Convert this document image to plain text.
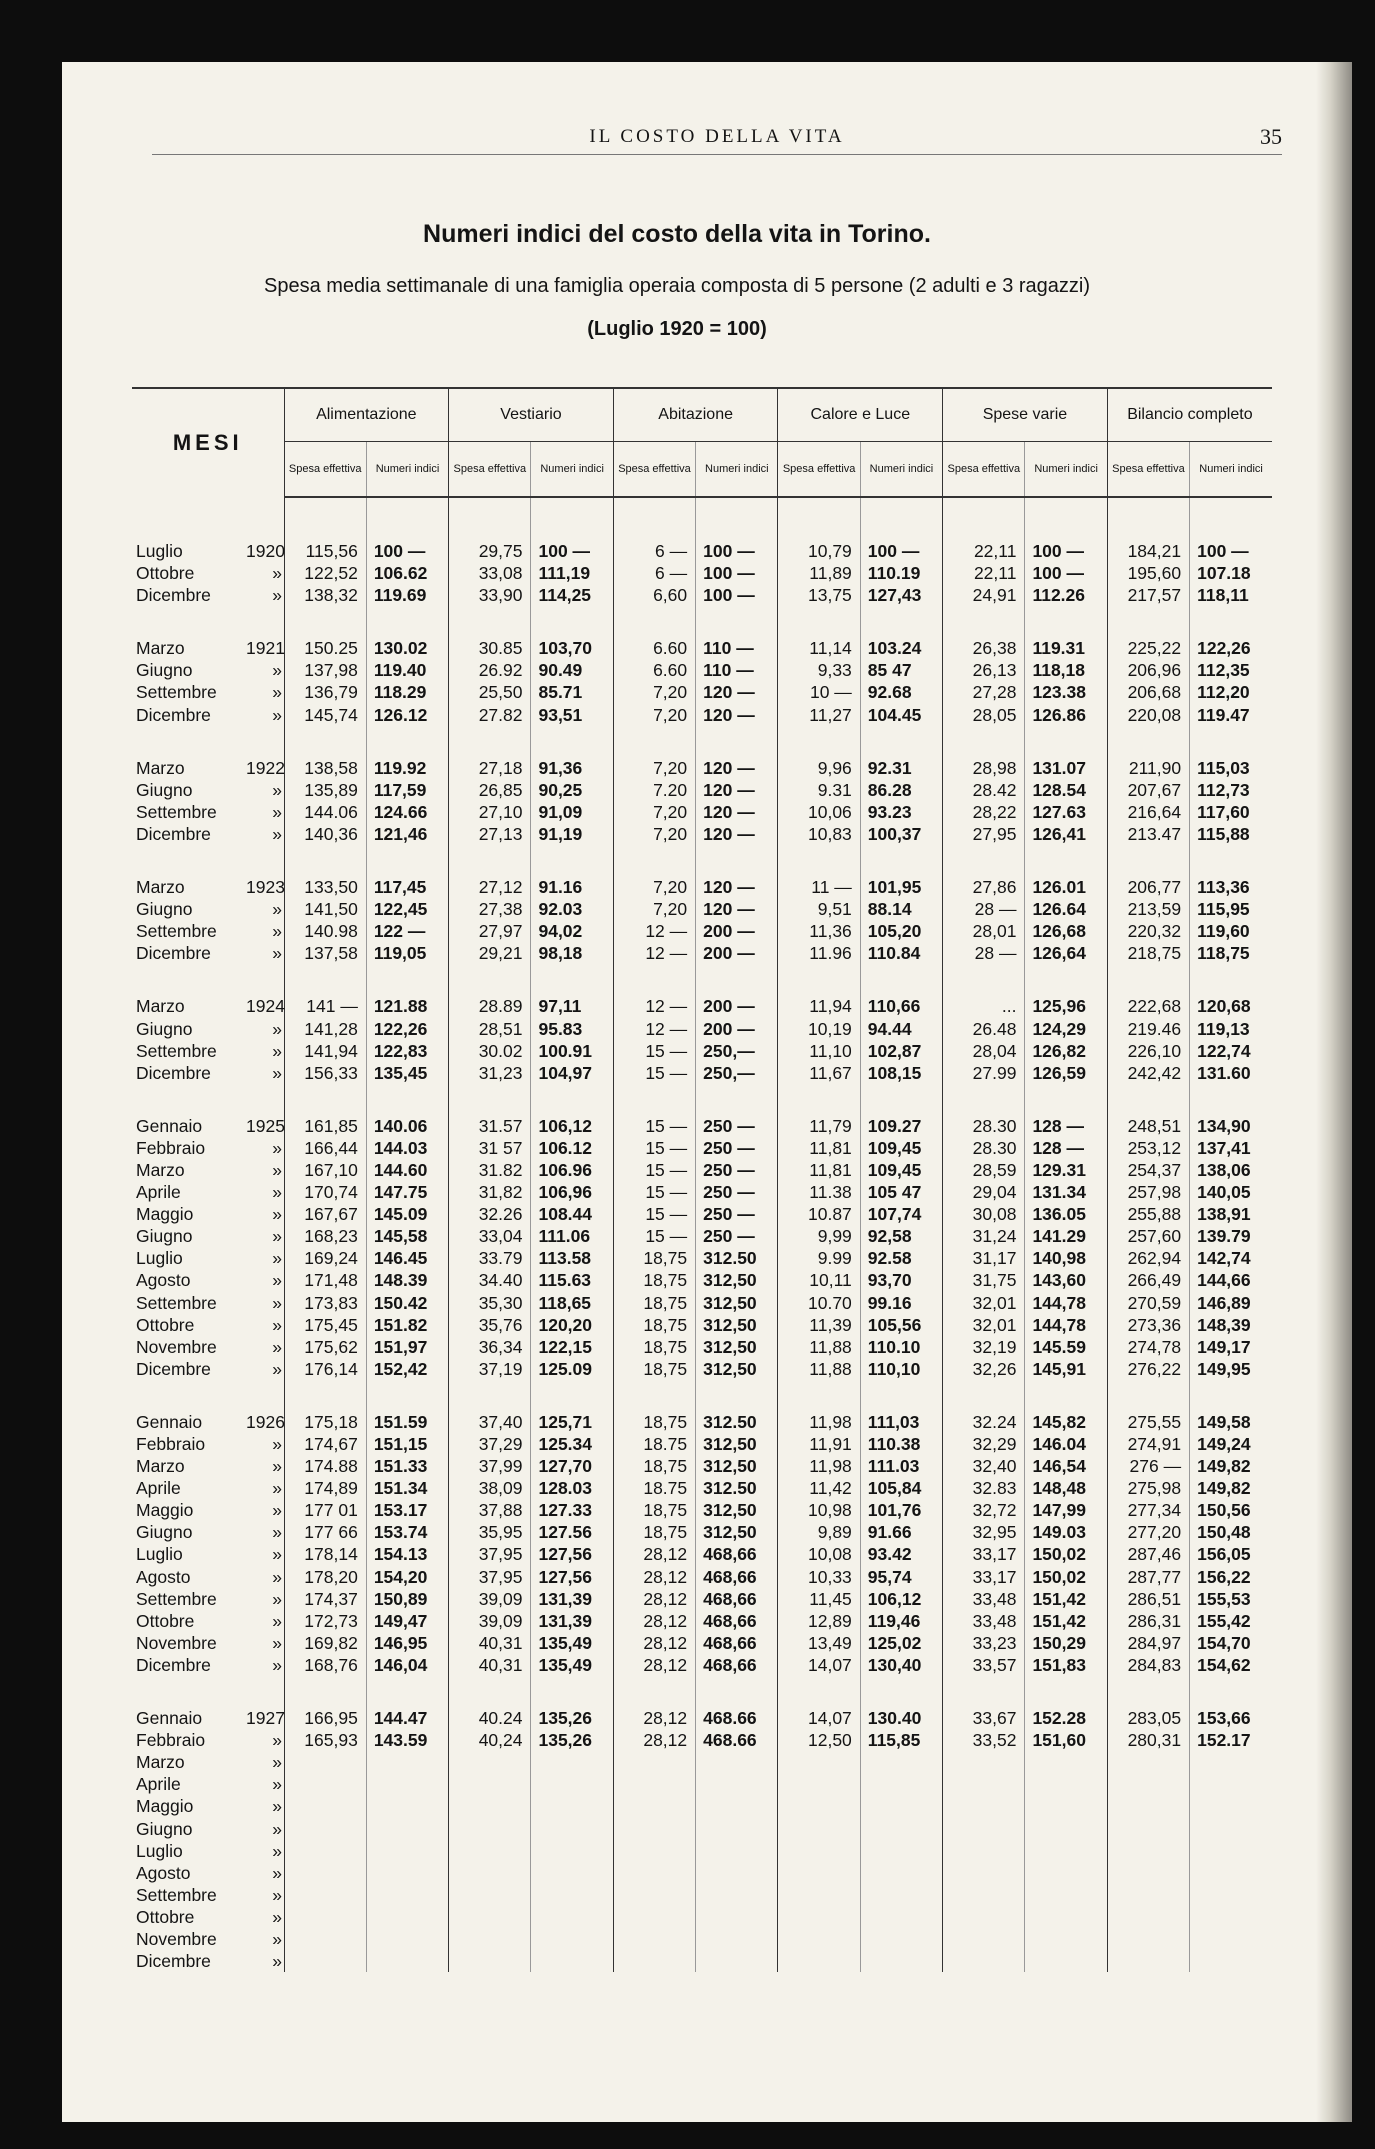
IL COSTO DELLA VITA	35
Numeri indici del costo della vita in Torino.
Spesa media settimanale di una famiglia operaia composta di 5 persone (2 adulti e 3 ragazzi)
(Luglio 1920 = 100)
MESI	Alimentazione		Vestiario		Abitazione		Calore e Luce		Spese varie		Bilancio completo	
	Spesa effettiva	Numeri indici	Spesa effettiva	Numeri indici	Spesa effettiva	Numeri indici	Spesa effettiva	Numeri indici	Spesa effettiva	Numeri indici	Spesa effettiva	Numeri indici

Luglio 1920	115,56	100 —	29,75	100 —	6 —	100 —	10,79	100 —	22,11	100 —	184,21	100 —
Ottobre »	122,52	106.62	33,08	111,19	6 —	100 —	11,89	110.19	22,11	100 —	195,60	107.18
Dicembre »	138,32	119.69	33,90	114,25	6,60	100 —	13,75	127,43	24,91	112.26	217,57	118,11

Marzo 1921	150.25	130.02	30.85	103,70	6.60	110 —	11,14	103.24	26,38	119.31	225,22	122,26
Giugno »	137,98	119.40	26.92	90.49	6.60	110 —	9,33	85 47	26,13	118,18	206,96	112,35
Settembre »	136,79	118.29	25,50	85.71	7,20	120 —	10 —	92.68	27,28	123.38	206,68	112,20
Dicembre »	145,74	126.12	27.82	93,51	7,20	120 —	11,27	104.45	28,05	126.86	220,08	119.47

Marzo 1922	138,58	119.92	27,18	91,36	7,20	120 —	9,96	92.31	28,98	131.07	211,90	115,03
Giugno »	135,89	117,59	26,85	90,25	7.20	120 —	9.31	86.28	28.42	128.54	207,67	112,73
Settembre »	144.06	124.66	27,10	91,09	7,20	120 —	10,06	93.23	28,22	127.63	216,64	117,60
Dicembre »	140,36	121,46	27,13	91,19	7,20	120 —	10,83	100,37	27,95	126,41	213.47	115,88

Marzo 1923	133,50	117,45	27,12	91.16	7,20	120 —	11 —	101,95	27,86	126.01	206,77	113,36
Giugno »	141,50	122,45	27,38	92.03	7,20	120 —	9,51	88.14	28 —	126.64	213,59	115,95
Settembre »	140.98	122 —	27,97	94,02	12 —	200 —	11,36	105,20	28,01	126,68	220,32	119,60
Dicembre »	137,58	119,05	29,21	98,18	12 —	200 —	11.96	110.84	28 —	126,64	218,75	118,75

Marzo 1924	141 —	121.88	28.89	97,11	12 —	200 —	11,94	110,66	...	125,96	222,68	120,68
Giugno »	141,28	122,26	28,51	95.83	12 —	200 —	10,19	94.44	26.48	124,29	219.46	119,13
Settembre »	141,94	122,83	30.02	100.91	15 —	250,—	11,10	102,87	28,04	126,82	226,10	122,74
Dicembre »	156,33	135,45	31,23	104,97	15 —	250,—	11,67	108,15	27.99	126,59	242,42	131.60

Gennaio 1925	161,85	140.06	31.57	106,12	15 —	250 —	11,79	109.27	28.30	128 —	248,51	134,90
Febbraio »	166,44	144.03	31 57	106.12	15 —	250 —	11,81	109,45	28.30	128 —	253,12	137,41
Marzo »	167,10	144.60	31.82	106.96	15 —	250 —	11,81	109,45	28,59	129.31	254,37	138,06
Aprile »	170,74	147.75	31,82	106,96	15 —	250 —	11.38	105 47	29,04	131.34	257,98	140,05
Maggio »	167,67	145.09	32.26	108.44	15 —	250 —	10.87	107,74	30,08	136.05	255,88	138,91
Giugno »	168,23	145,58	33,04	111.06	15 —	250 —	9,99	92,58	31,24	141.29	257,60	139.79
Luglio »	169,24	146.45	33.79	113.58	18,75	312.50	9.99	92.58	31,17	140,98	262,94	142,74
Agosto »	171,48	148.39	34.40	115.63	18,75	312,50	10,11	93,70	31,75	143,60	266,49	144,66
Settembre »	173,83	150.42	35,30	118,65	18,75	312,50	10.70	99.16	32,01	144,78	270,59	146,89
Ottobre »	175,45	151.82	35,76	120,20	18,75	312,50	11,39	105,56	32,01	144,78	273,36	148,39
Novembre »	175,62	151,97	36,34	122,15	18,75	312,50	11,88	110.10	32,19	145.59	274,78	149,17
Dicembre »	176,14	152,42	37,19	125.09	18,75	312,50	11,88	110,10	32,26	145,91	276,22	149,95

Gennaio 1926	175,18	151.59	37,40	125,71	18,75	312.50	11,98	111,03	32.24	145,82	275,55	149,58
Febbraio »	174,67	151,15	37,29	125.34	18.75	312,50	11,91	110.38	32,29	146.04	274,91	149,24
Marzo »	174.88	151.33	37,99	127,70	18,75	312,50	11,98	111.03	32,40	146,54	276 —	149,82
Aprile »	174,89	151.34	38,09	128.03	18.75	312.50	11,42	105,84	32.83	148,48	275,98	149,82
Maggio »	177 01	153.17	37,88	127.33	18,75	312,50	10,98	101,76	32,72	147,99	277,34	150,56
Giugno »	177 66	153.74	35,95	127.56	18,75	312,50	9,89	91.66	32,95	149.03	277,20	150,48
Luglio »	178,14	154.13	37,95	127,56	28,12	468,66	10,08	93.42	33,17	150,02	287,46	156,05
Agosto »	178,20	154,20	37,95	127,56	28,12	468,66	10,33	95,74	33,17	150,02	287,77	156,22
Settembre »	174,37	150,89	39,09	131,39	28,12	468,66	11,45	106,12	33,48	151,42	286,51	155,53
Ottobre »	172,73	149,47	39,09	131,39	28,12	468,66	12,89	119,46	33,48	151,42	286,31	155,42
Novembre »	169,82	146,95	40,31	135,49	28,12	468,66	13,49	125,02	33,23	150,29	284,97	154,70
Dicembre »	168,76	146,04	40,31	135,49	28,12	468,66	14,07	130,40	33,57	151,83	284,83	154,62

Gennaio 1927	166,95	144.47	40.24	135,26	28,12	468.66	14,07	130.40	33,67	152.28	283,05	153,66
Febbraio »	165,93	143.59	40,24	135,26	28,12	468.66	12,50	115,85	33,52	151,60	280,31	152.17
Marzo »												
Aprile »												
Maggio »												
Giugno »												
Luglio »												
Agosto »												
Settembre »												
Ottobre »												
Novembre »												
Dicembre »												
